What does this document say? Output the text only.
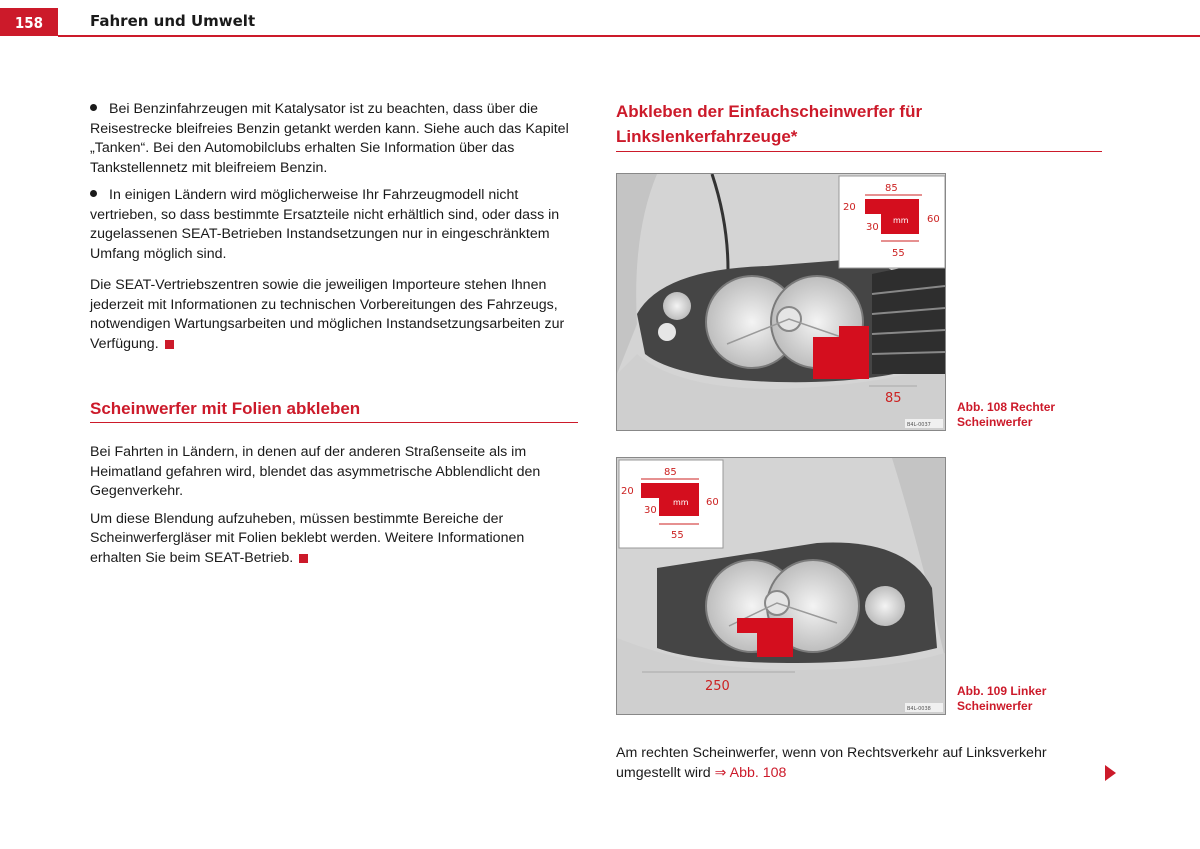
158	Fahren und Umwelt

Bei Benzinfahrzeugen mit Katalysator ist zu beachten, dass über die Reisestrecke bleifreies Benzin getankt werden kann. Siehe auch das Kapitel „Tanken“. Bei den Automobilclubs erhalten Sie Information über das Tankstellennetz mit bleifreiem Benzin.

In einigen Ländern wird möglicherweise Ihr Fahrzeugmodell nicht vertrieben, so dass bestimmte Ersatzteile nicht erhältlich sind, oder dass in zugelassenen SEAT-Betrieben Instandsetzungen nur in eingeschränktem Umfang möglich sind.

Die SEAT-Vertriebszentren sowie die jeweiligen Importeure stehen Ihnen jederzeit mit Informationen zu technischen Vorbereitungen des Fahrzeugs, notwendigen Wartungsarbeiten und möglichen Instandsetzungsarbeiten zur Verfügung.

Scheinwerfer mit Folien abkleben

Bei Fahrten in Ländern, in denen auf der anderen Straßenseite als im Heimatland gefahren wird, blendet das asymmetrische Abblendlicht den Gegenverkehr.

Um diese Blendung aufzuheben, müssen bestimmte Bereiche der Scheinwerfergläser mit Folien beklebt werden. Weitere Informationen erhalten Sie beim SEAT-Betrieb.

Abkleben der Einfachscheinwerfer für Linkslenkerfahrzeuge*
85
85
20
30
mm 60
55
B4L-0037
Abb. 108 Rechter Scheinwerfer
250
85
20
30
mm 60
55
B4L-0038
Abb. 109 Linker Scheinwerfer
Am rechten Scheinwerfer, wenn von Rechtsverkehr auf Linksverkehr umgestellt wird ⇒ Abb. 108
